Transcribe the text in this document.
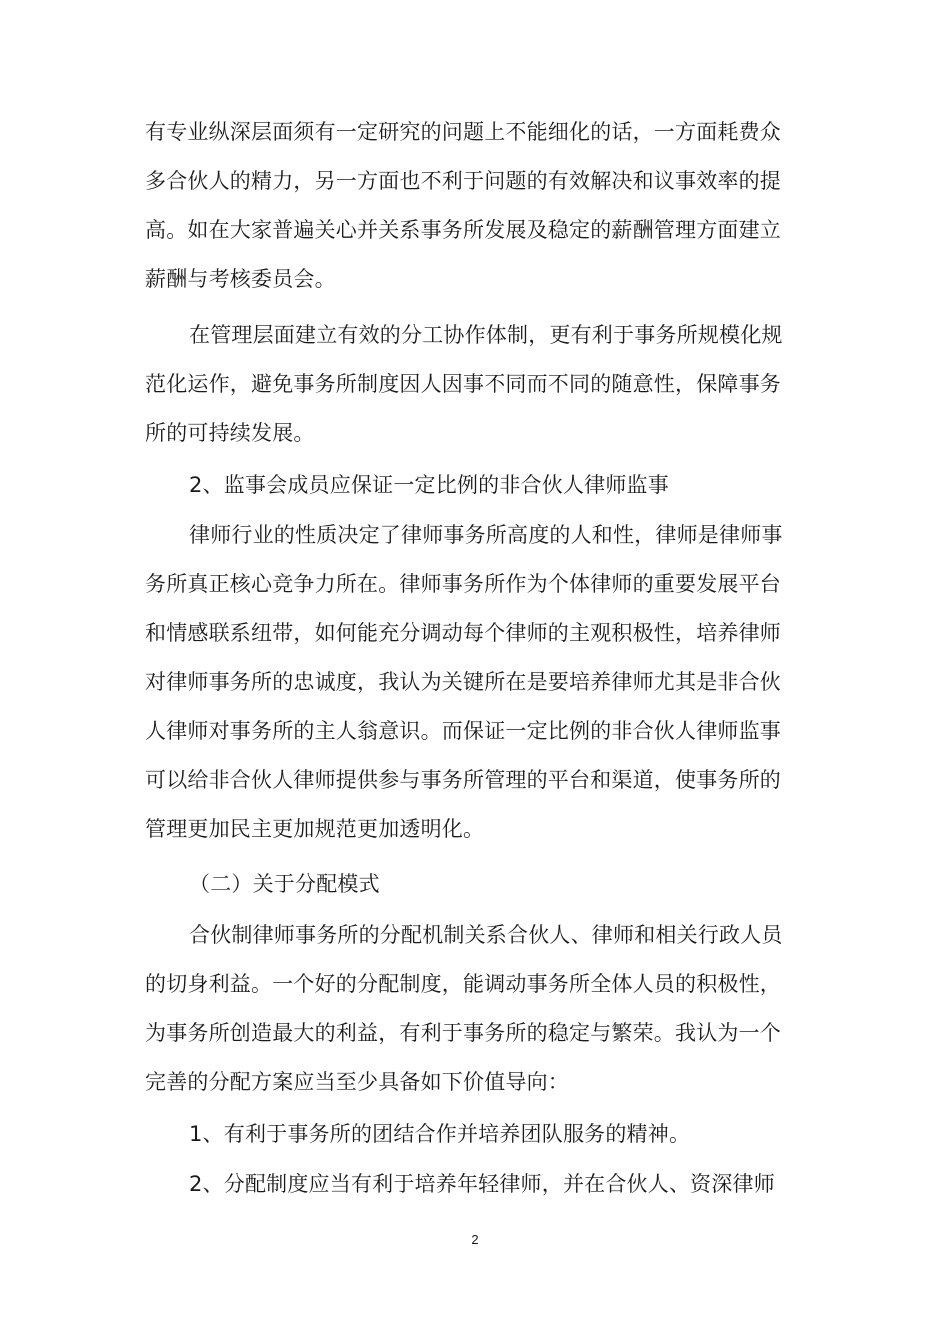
有专业纵深层面须有一定研究的问题上不能细化的话，一方面耗费众
多合伙人的精力，另一方面也不利于问题的有效解决和议事效率的提
高。如在大家普遍关心并关系事务所发展及稳定的薪酬管理方面建立
薪酬与考核委员会。
在管理层面建立有效的分工协作体制，更有利于事务所规模化规
范化运作，避免事务所制度因人因事不同而不同的随意性，保障事务
所的可持续发展。
2、监事会成员应保证一定比例的非合伙人律师监事
律师行业的性质决定了律师事务所高度的人和性，律师是律师事
务所真正核心竞争力所在。律师事务所作为个体律师的重要发展平台
和情感联系纽带，如何能充分调动每个律师的主观积极性，培养律师
对律师事务所的忠诚度，我认为关键所在是要培养律师尤其是非合伙
人律师对事务所的主人翁意识。而保证一定比例的非合伙人律师监事
可以给非合伙人律师提供参与事务所管理的平台和渠道，使事务所的
管理更加民主更加规范更加透明化。
（二）关于分配模式
合伙制律师事务所的分配机制关系合伙人、律师和相关行政人员
的切身利益。一个好的分配制度，能调动事务所全体人员的积极性，
为事务所创造最大的利益，有利于事务所的稳定与繁荣。我认为一个
完善的分配方案应当至少具备如下价值导向：
1、有利于事务所的团结合作并培养团队服务的精神。
2、分配制度应当有利于培养年轻律师，并在合伙人、资深律师
2
